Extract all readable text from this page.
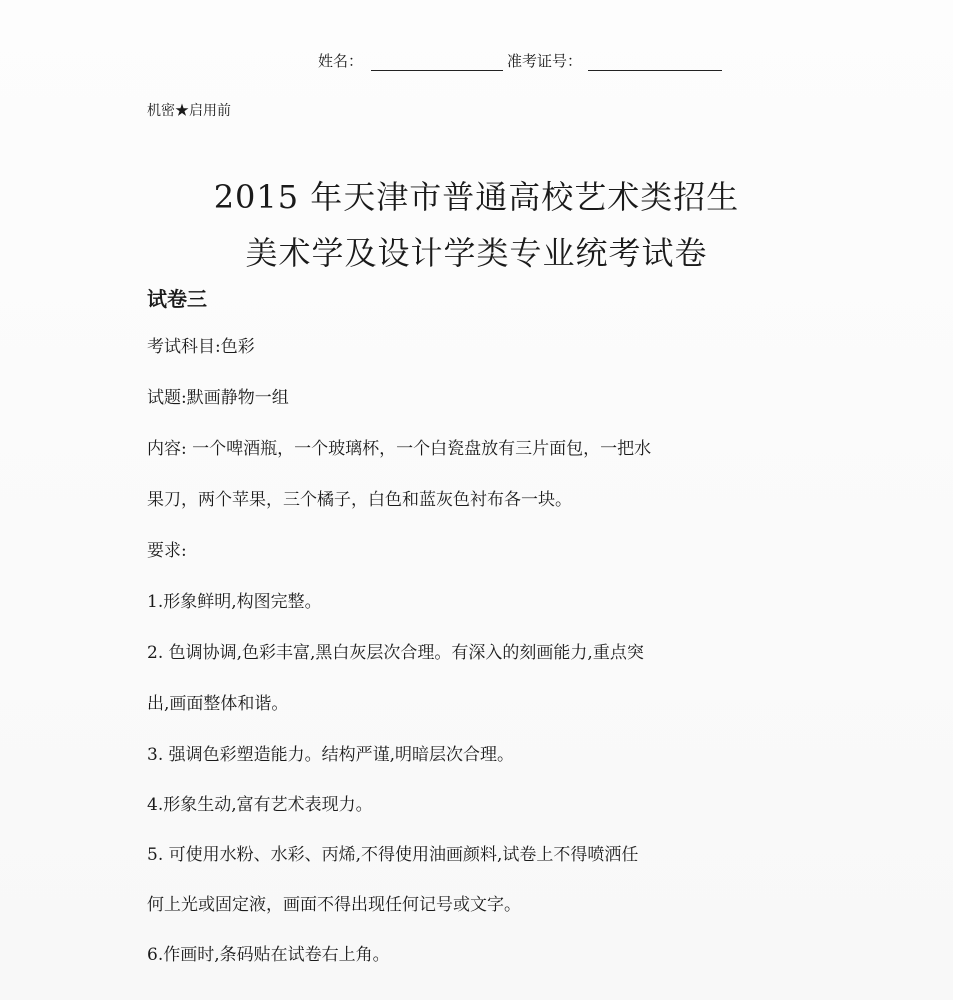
姓名：	准考证号：
机密★启用前
2015 年天津市普通高校艺术类招生
美术学及设计学类专业统考试卷
试卷三
考试科目:色彩
试题:默画静物一组
内容: 一个啤酒瓶，一个玻璃杯，一个白瓷盘放有三片面包，一把水
果刀，两个苹果，三个橘子，白色和蓝灰色衬布各一块。
要求:
1.形象鲜明,构图完整。
2. 色调协调,色彩丰富,黑白灰层次合理。有深入的刻画能力,重点突
出,画面整体和谐。
3. 强调色彩塑造能力。结构严谨,明暗层次合理。
4.形象生动,富有艺术表现力。
5. 可使用水粉、水彩、丙烯,不得使用油画颜料,试卷上不得喷洒任
何上光或固定液，画面不得出现任何记号或文字。
6.作画时,条码贴在试卷右上角。
